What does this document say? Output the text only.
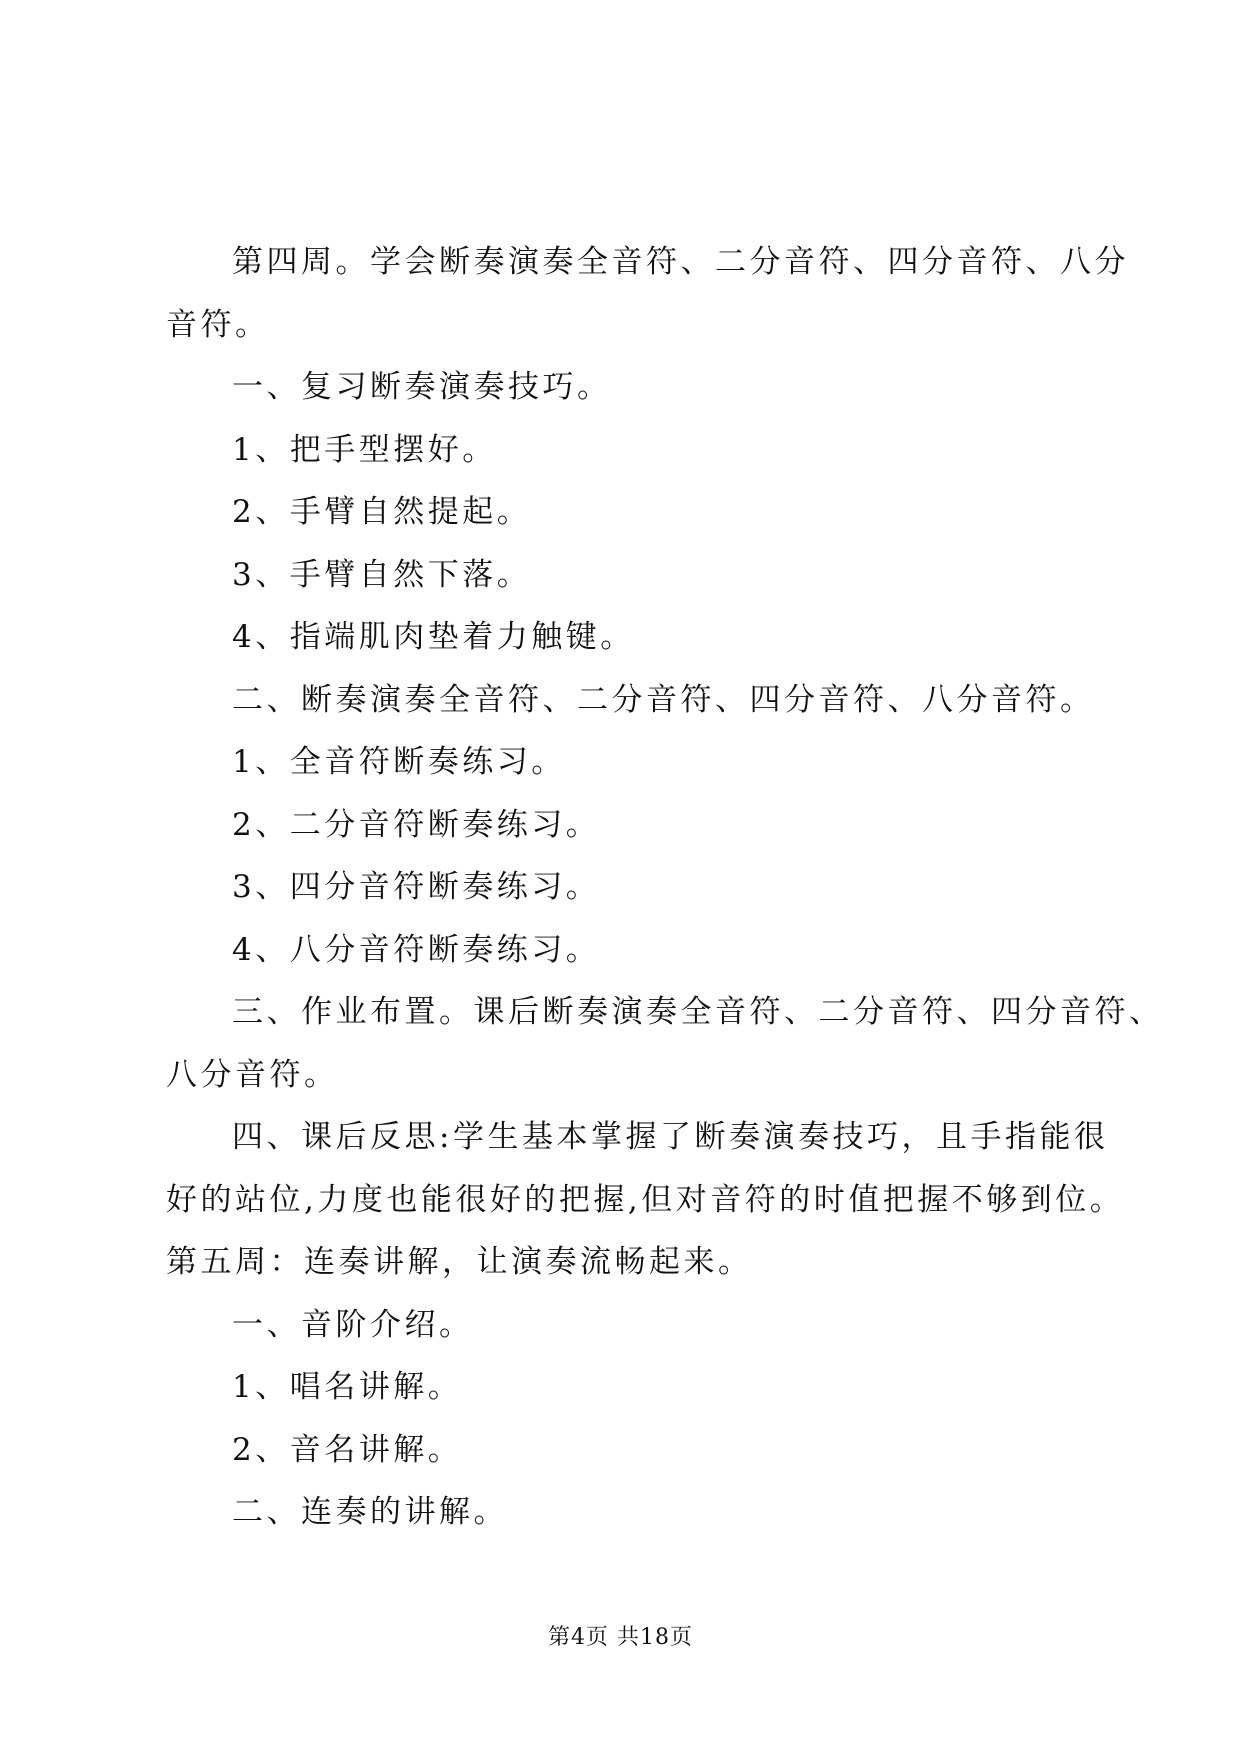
第四周。学会断奏演奏全音符、二分音符、四分音符、八分

音符。

一、复习断奏演奏技巧。

1、把手型摆好。

2、手臂自然提起。

3、手臂自然下落。

4、指端肌肉垫着力触键。

二、断奏演奏全音符、二分音符、四分音符、八分音符。

1、全音符断奏练习。

2、二分音符断奏练习。

3、四分音符断奏练习。

4、八分音符断奏练习。

三、作业布置。课后断奏演奏全音符、二分音符、四分音符、

八分音符。

四、课后反思:学生基本掌握了断奏演奏技巧，且手指能很

好的站位,力度也能很好的把握,但对音符的时值把握不够到位。

第五周：连奏讲解，让演奏流畅起来。

一、音阶介绍。

1、唱名讲解。

2、音名讲解。

二、连奏的讲解。

第4页 共18页
